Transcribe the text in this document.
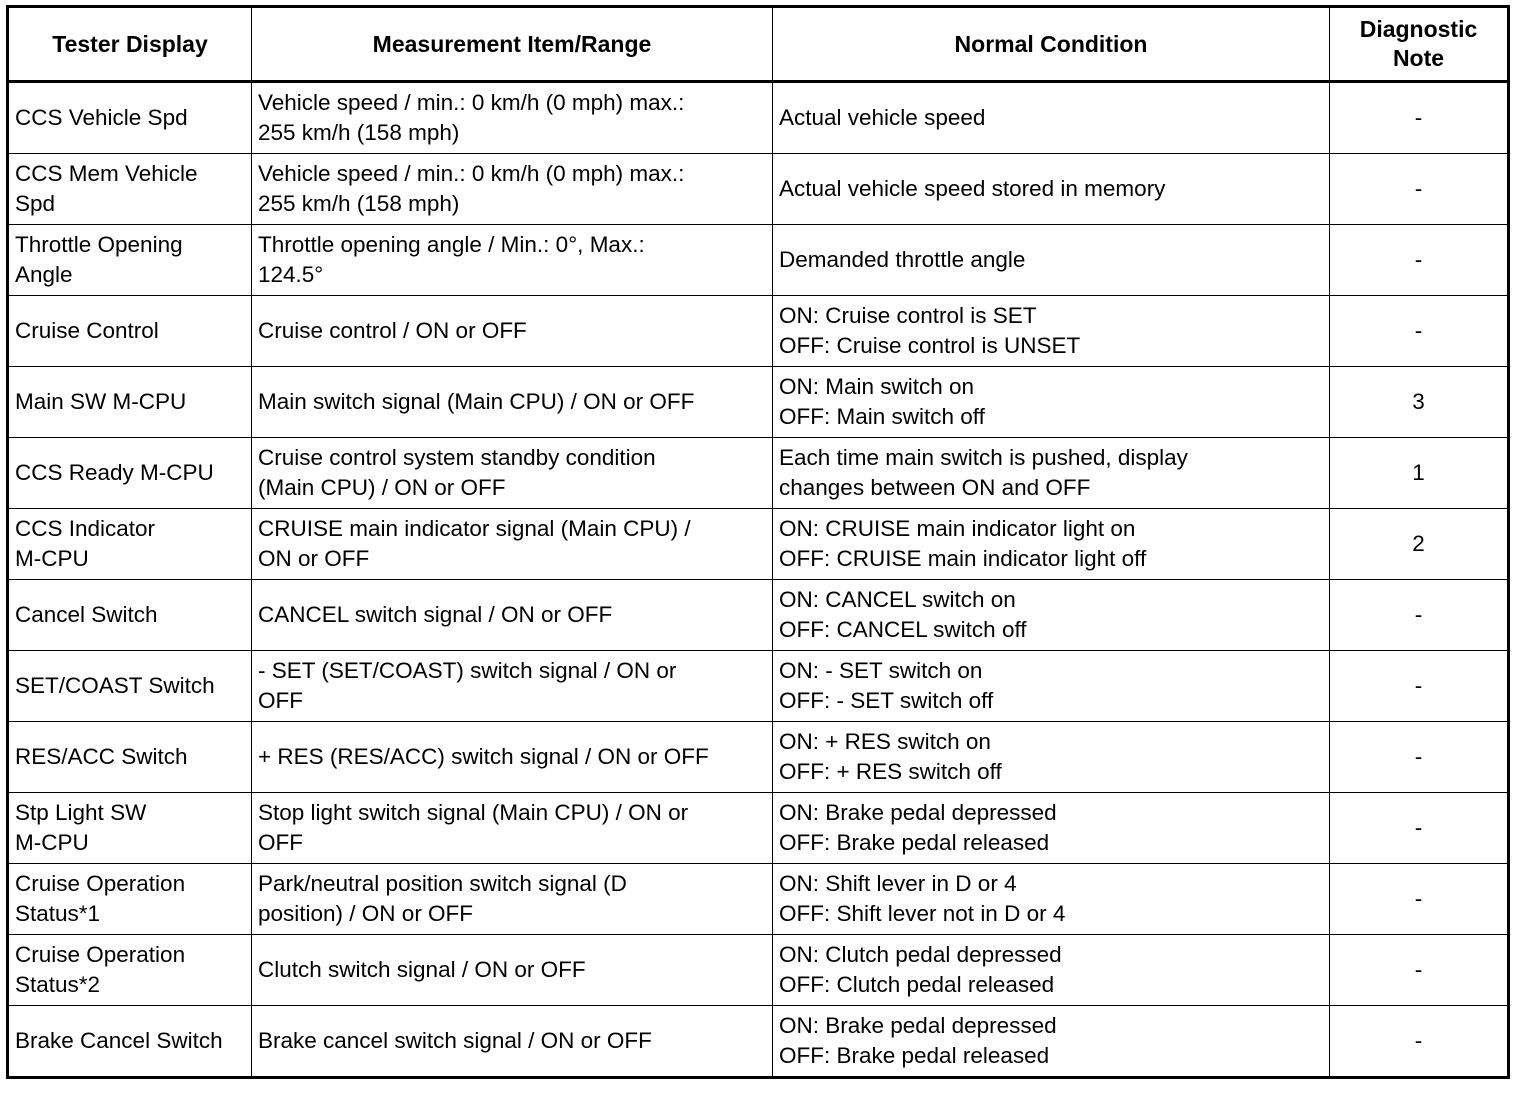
Tester Display	Measurement Item/Range	Normal Condition	Diagnostic
Note

CCS Vehicle Spd	Vehicle speed / min.: 0 km/h (0 mph) max.:
255 km/h (158 mph)	Actual vehicle speed	-

CCS Mem Vehicle
Spd	Vehicle speed / min.: 0 km/h (0 mph) max.:
255 km/h (158 mph)	Actual vehicle speed stored in memory	-

Throttle Opening
Angle	Throttle opening angle / Min.: 0°, Max.:
124.5°	Demanded throttle angle	-

Cruise Control	Cruise control / ON or OFF	ON: Cruise control is SET
OFF: Cruise control is UNSET	-

Main SW M-CPU	Main switch signal (Main CPU) / ON or OFF	ON: Main switch on
OFF: Main switch off	3

CCS Ready M-CPU	Cruise control system standby condition
(Main CPU) / ON or OFF	Each time main switch is pushed, display
changes between ON and OFF	1

CCS Indicator
M-CPU	CRUISE main indicator signal (Main CPU) /
ON or OFF	ON: CRUISE main indicator light on
OFF: CRUISE main indicator light off	2

Cancel Switch	CANCEL switch signal / ON or OFF	ON: CANCEL switch on
OFF: CANCEL switch off	-

SET/COAST Switch	- SET (SET/COAST) switch signal / ON or
OFF	ON: - SET switch on
OFF: - SET switch off	-

RES/ACC Switch	+ RES (RES/ACC) switch signal / ON or OFF	ON: + RES switch on
OFF: + RES switch off	-

Stp Light SW
M-CPU	Stop light switch signal (Main CPU) / ON or
OFF	ON: Brake pedal depressed
OFF: Brake pedal released	-

Cruise Operation
Status*1	Park/neutral position switch signal (D
position) / ON or OFF	ON: Shift lever in D or 4
OFF: Shift lever not in D or 4	-

Cruise Operation
Status*2	Clutch switch signal / ON or OFF	ON: Clutch pedal depressed
OFF: Clutch pedal released	-

Brake Cancel Switch	Brake cancel switch signal / ON or OFF	ON: Brake pedal depressed
OFF: Brake pedal released	-
